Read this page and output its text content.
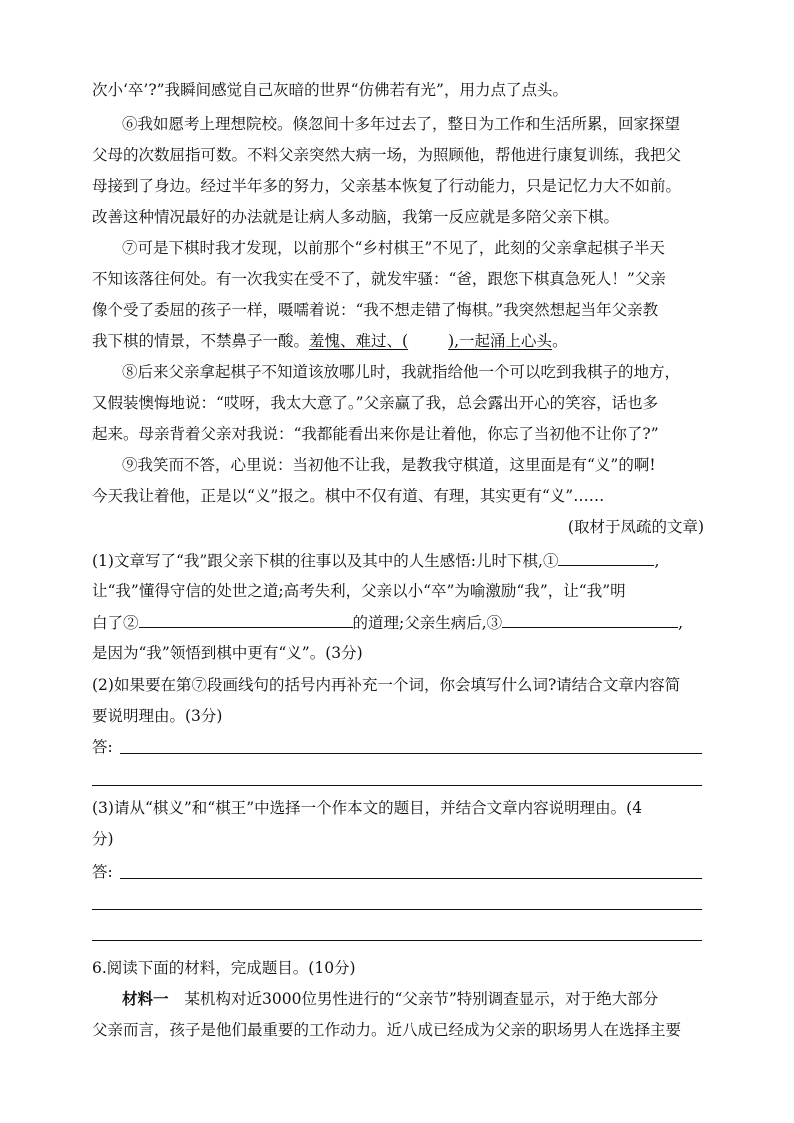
次小‘卒’?”我瞬间感觉自己灰暗的世界“仿佛若有光”，用力点了点头。
⑥我如愿考上理想院校。倏忽间十多年过去了，整日为工作和生活所累，回家探望
父母的次数屈指可数。不料父亲突然大病一场，为照顾他，帮他进行康复训练，我把父
母接到了身边。经过半年多的努力，父亲基本恢复了行动能力，只是记忆力大不如前。
改善这种情况最好的办法就是让病人多动脑，我第一反应就是多陪父亲下棋。
⑦可是下棋时我才发现，以前那个“乡村棋王”不见了，此刻的父亲拿起棋子半天
不知该落往何处。有一次我实在受不了，就发牢骚：“爸，跟您下棋真急死人！”父亲
像个受了委屈的孩子一样，嗫嚅着说：“我不想走错了悔棋。”我突然想起当年父亲教
我下棋的情景，不禁鼻子一酸。羞愧、难过、(	),一起涌上心头。
⑧后来父亲拿起棋子不知道该放哪儿时，我就指给他一个可以吃到我棋子的地方，
又假装懊悔地说：“哎呀，我太大意了。”父亲赢了我，总会露出开心的笑容，话也多
起来。母亲背着父亲对我说：“我都能看出来你是让着他，你忘了当初他不让你了?”
⑨我笑而不答，心里说：当初他不让我，是教我守棋道，这里面是有“义”的啊!
今天我让着他，正是以“义”报之。棋中不仅有道、有理，其实更有“义”……
(取材于凤疏的文章)
(1)文章写了“我”跟父亲下棋的往事以及其中的人生感悟:儿时下棋,①	,
让“我”懂得守信的处世之道;高考失利，父亲以小“卒”为喻激励“我”，让“我”明
白了②	的道理;父亲生病后,③	,
是因为“我”领悟到棋中更有“义”。(3分)
(2)如果要在第⑦段画线句的括号内再补充一个词，你会填写什么词?请结合文章内容简
要说明理由。(3分)
答:
(3)请从“棋义”和“棋王”中选择一个作本文的题目，并结合文章内容说明理由。(4
分)
答:
6.阅读下面的材料，完成题目。(10分)
材料一 某机构对近3000位男性进行的“父亲节”特别调查显示，对于绝大部分
父亲而言，孩子是他们最重要的工作动力。近八成已经成为父亲的职场男人在选择主要
